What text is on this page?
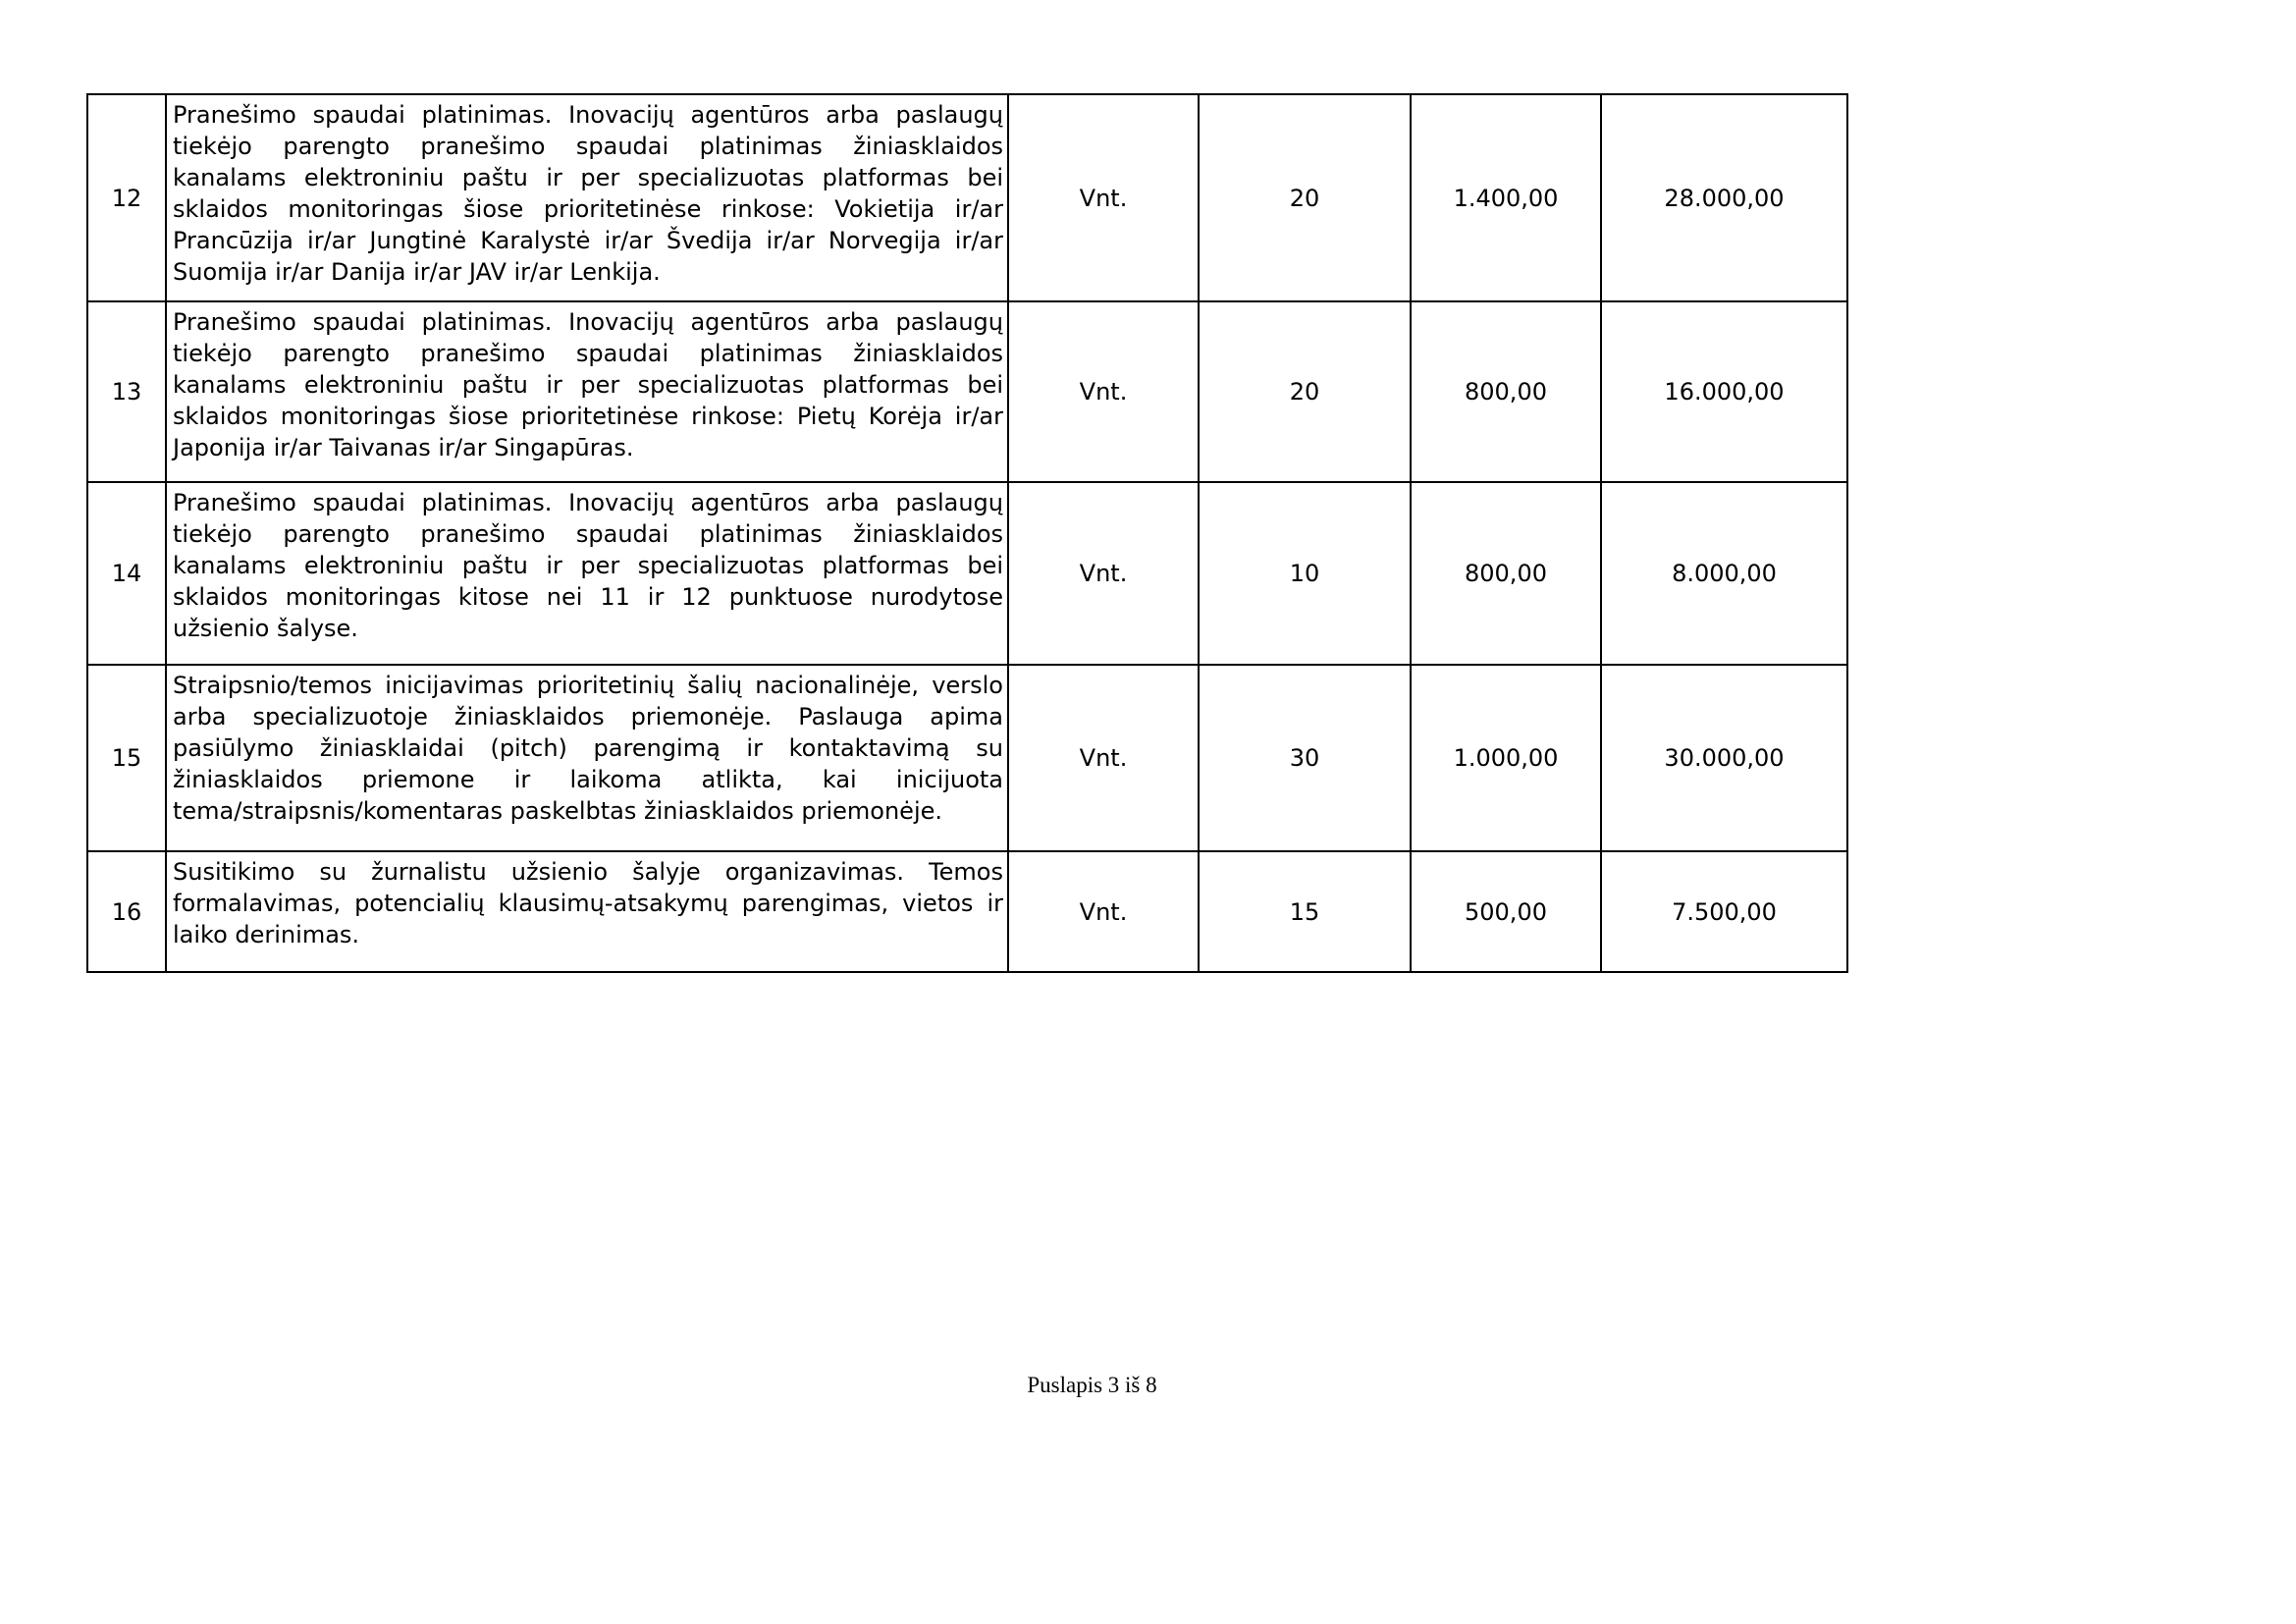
12	Pranešimo spaudai platinimas. Inovacijų agentūros arba paslaugų tiekėjo parengto pranešimo spaudai platinimas žiniasklaidos kanalams elektroniniu paštu ir per specializuotas platformas bei sklaidos monitoringas šiose prioritetinėse rinkose: Vokietija ir/ar Prancūzija ir/ar Jungtinė Karalystė ir/ar Švedija ir/ar Norvegija ir/ar Suomija ir/ar Danija ir/ar JAV ir/ar Lenkija.	Vnt.	20	1.400,00	28.000,00
13	Pranešimo spaudai platinimas. Inovacijų agentūros arba paslaugų tiekėjo parengto pranešimo spaudai platinimas žiniasklaidos kanalams elektroniniu paštu ir per specializuotas platformas bei sklaidos monitoringas šiose prioritetinėse rinkose: Pietų Korėja ir/ar Japonija ir/ar Taivanas ir/ar Singapūras.	Vnt.	20	800,00	16.000,00
14	Pranešimo spaudai platinimas. Inovacijų agentūros arba paslaugų tiekėjo parengto pranešimo spaudai platinimas žiniasklaidos kanalams elektroniniu paštu ir per specializuotas platformas bei sklaidos monitoringas kitose nei 11 ir 12 punktuose nurodytose užsienio šalyse.	Vnt.	10	800,00	8.000,00
15	Straipsnio/temos inicijavimas prioritetinių šalių nacionalinėje, verslo arba specializuotoje žiniasklaidos priemonėje. Paslauga apima pasiūlymo žiniasklaidai (pitch) parengimą ir kontaktavimą su žiniasklaidos priemone ir laikoma atlikta, kai inicijuota tema/straipsnis/komentaras paskelbtas žiniasklaidos priemonėje.	Vnt.	30	1.000,00	30.000,00
16	Susitikimo su žurnalistu užsienio šalyje organizavimas. Temos formalavimas, potencialių klausimų-atsakymų parengimas, vietos ir laiko derinimas.	Vnt.	15	500,00	7.500,00
Puslapis 3 iš 8
